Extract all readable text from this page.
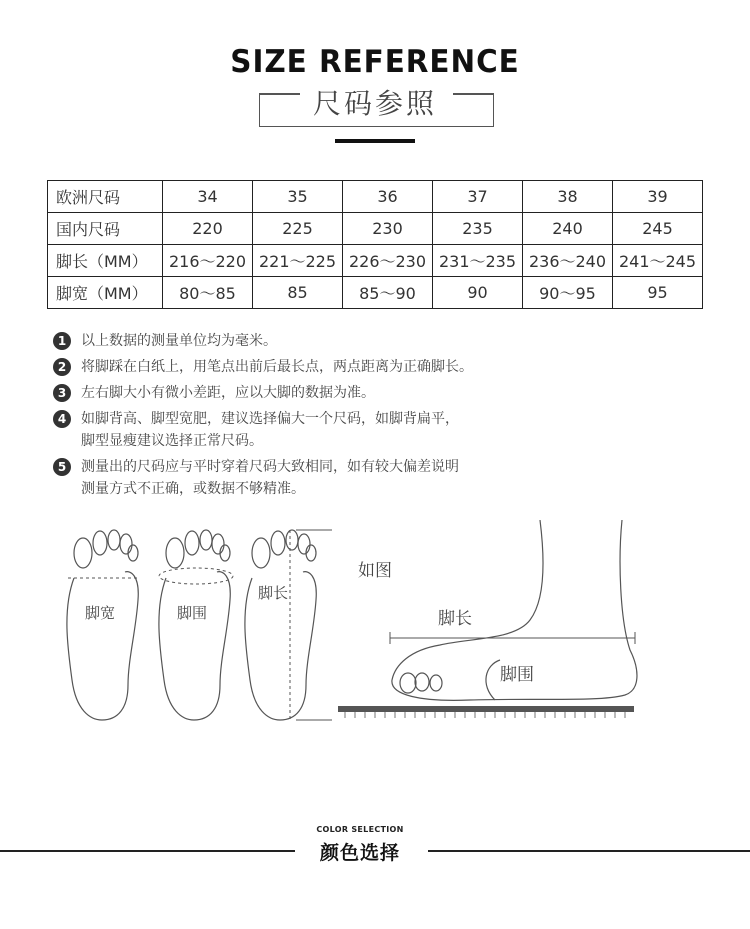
SIZE REFERENCE
尺码参照
欧洲尺码	34	35	36	37	38	39
国内尺码	220	225	230	235	240	245
脚长（MM）	216～220	221～225	226～230	231～235	236～240	241～245
脚宽（MM）	80～85	85	85～90	90	90～95	95
1	以上数据的测量单位均为毫米。
2	将脚踩在白纸上，用笔点出前后最长点，两点距离为正确脚长。
3	左右脚大小有微小差距，应以大脚的数据为准。
4	如脚背高、脚型宽肥，建议选择偏大一个尺码，如脚背扁平，
脚型显瘦建议选择正常尺码。
5	测量出的尺码应与平时穿着尺码大致相同，如有较大偏差说明
测量方式不正确，或数据不够精准。
脚宽	脚围
脚长
如图
脚长
脚围
COLOR SELECTION
颜色选择
